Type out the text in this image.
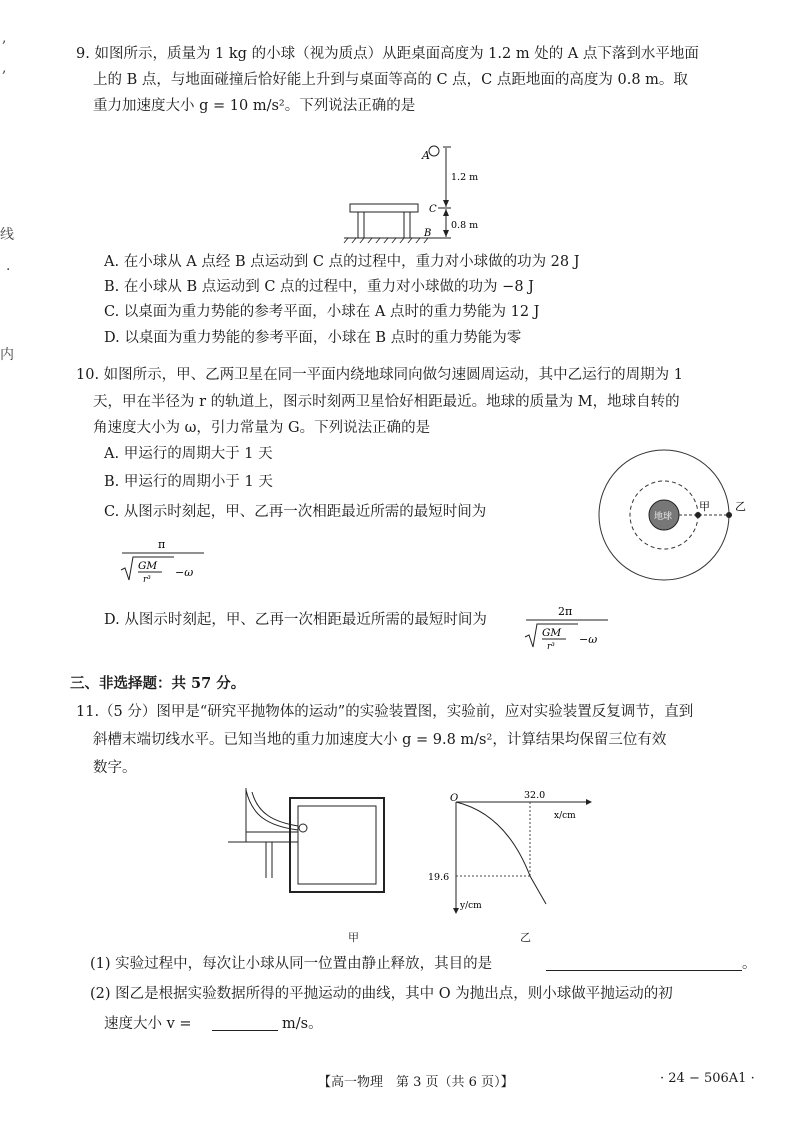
,
,
线
·
内
9. 如图所示，质量为 1 kg 的小球（视为质点）从距桌面高度为 1.2 m 处的 A 点下落到水平地面
上的 B 点，与地面碰撞后恰好能上升到与桌面等高的 C 点，C 点距地面的高度为 0.8 m。取
重力加速度大小 g = 10 m/s²。下列说法正确的是
A
1.2 m
0.8 m
C
B
A. 在小球从 A 点经 B 点运动到 C 点的过程中，重力对小球做的功为 28 J
B. 在小球从 B 点运动到 C 点的过程中，重力对小球做的功为 −8 J
C. 以桌面为重力势能的参考平面，小球在 A 点时的重力势能为 12 J
D. 以桌面为重力势能的参考平面，小球在 B 点时的重力势能为零
10. 如图所示，甲、乙两卫星在同一平面内绕地球同向做匀速圆周运动，其中乙运行的周期为 1
天，甲在半径为 r 的轨道上，图示时刻两卫星恰好相距最近。地球的质量为 M，地球自转的
角速度大小为 ω，引力常量为 G。下列说法正确的是
A. 甲运行的周期大于 1 天
B. 甲运行的周期小于 1 天
C. 从图示时刻起，甲、乙再一次相距最近所需的最短时间为
π
GM
r³
−ω
地球
甲 乙
D. 从图示时刻起，甲、乙再一次相距最近所需的最短时间为
2π
GM
r³
−ω
三、非选择题：共 57 分。
11.（5 分）图甲是“研究平抛物体的运动”的实验装置图，实验前，应对实验装置反复调节，直到
斜槽末端切线水平。已知当地的重力加速度大小 g = 9.8 m/s²，计算结果均保留三位有效
数字。
O	32.0
x/cm
19.6
y/cm
甲	乙
(1) 实验过程中，每次让小球从同一位置由静止释放，其目的是	。
(2) 图乙是根据实验数据所得的平抛运动的曲线，其中 O 为抛出点，则小球做平抛运动的初
速度大小 v =	m/s。
【高一物理　第 3 页（共 6 页）】	· 24 − 506A1 ·
